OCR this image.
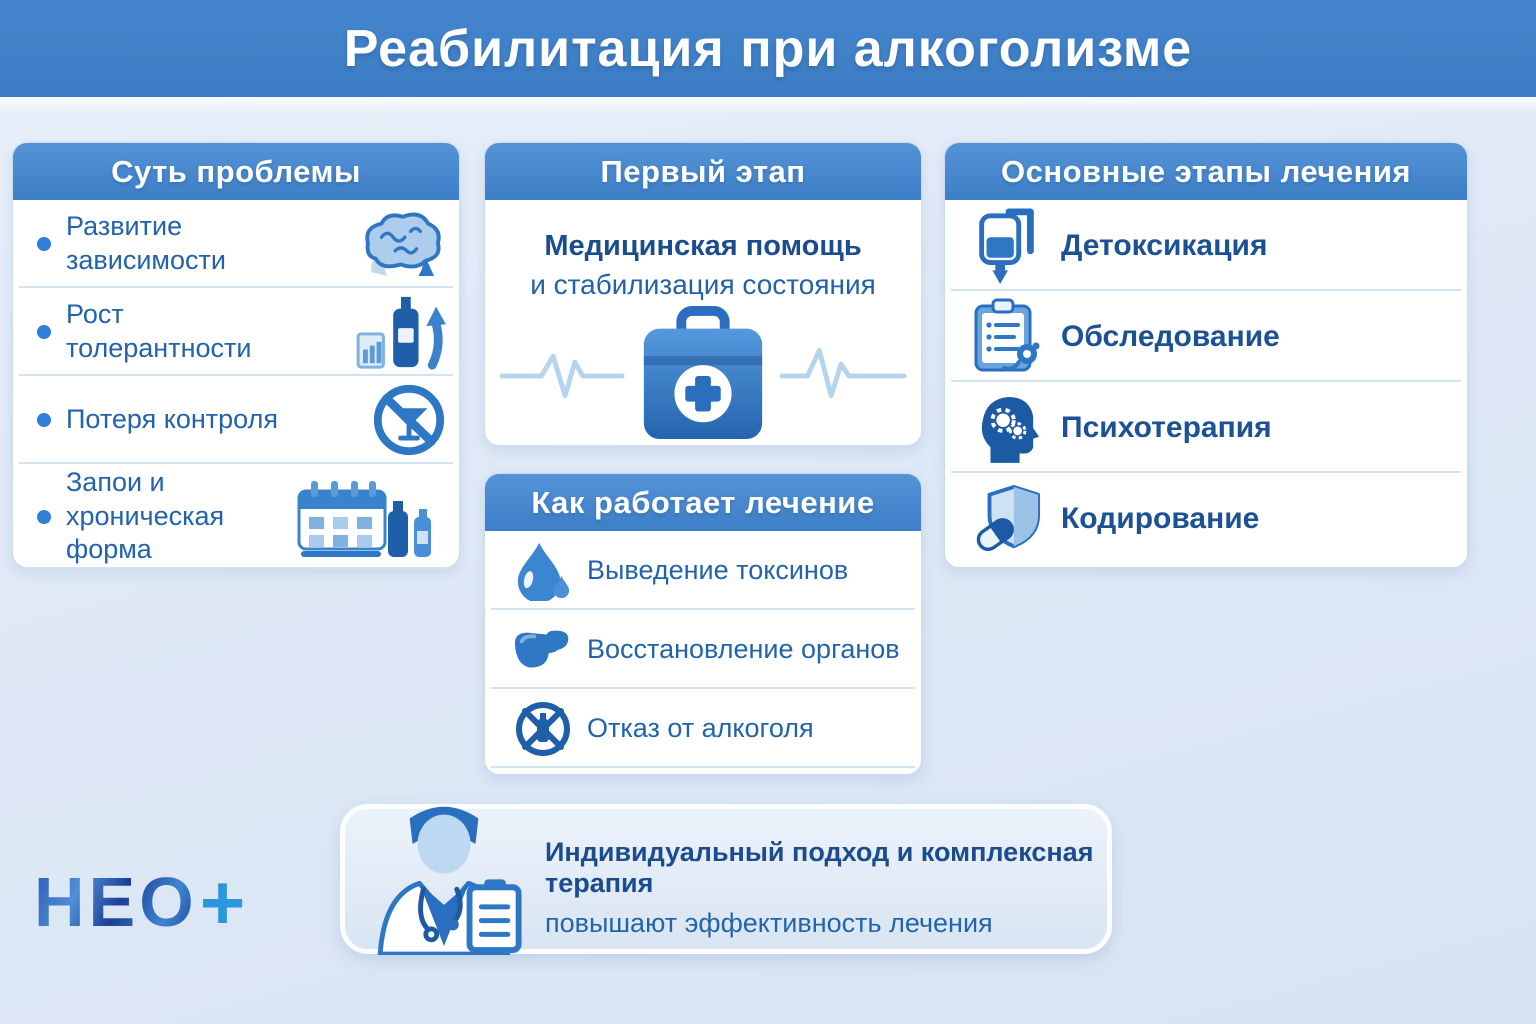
Реабилитация при алкоголизме
Суть проблемы
Развитие зависимости
Рост толерантности
Потеря контроля
Запои и хроническая форма
Первый этап
Медицинская помощь
и стабилизация состояния
Как работает лечение
Выведение токсинов
Восстановление органов
Отказ от алкоголя
Основные этапы лечения
Детоксикация
Обследование
Психотерапия
Кодирование
Индивидуальный подход и комплексная терапия
повышают эффективность лечения
НЕО +
